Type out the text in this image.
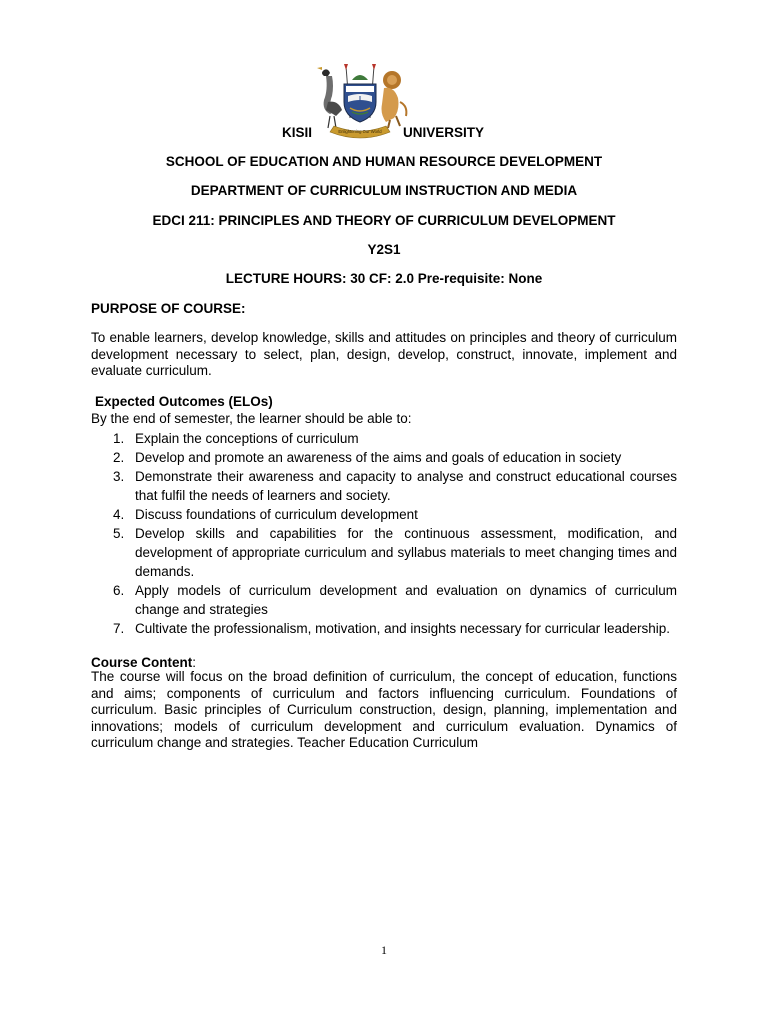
Enlightening Our World
KISII	UNIVERSITY
SCHOOL OF EDUCATION AND HUMAN RESOURCE DEVELOPMENT
DEPARTMENT OF CURRICULUM INSTRUCTION AND MEDIA
EDCI 211: PRINCIPLES AND THEORY OF CURRICULUM DEVELOPMENT
Y2S1
LECTURE HOURS: 30 CF: 2.0 Pre-requisite: None
PURPOSE OF COURSE:
To enable learners, develop knowledge, skills and attitudes on principles and theory of curriculum development necessary to select, plan, design, develop, construct, innovate, implement and evaluate curriculum.
Expected Outcomes (ELOs)
By the end of semester, the learner should be able to:
1. Explain the conceptions of curriculum
2. Develop and promote an awareness of the aims and goals of education in society
3. Demonstrate their awareness and capacity to analyse and construct educational courses that fulfil the needs of learners and society.
4. Discuss foundations of curriculum development
5. Develop skills and capabilities for the continuous assessment, modification, and development of appropriate curriculum and syllabus materials to meet changing times and demands.
6. Apply models of curriculum development and evaluation on dynamics of curriculum change and strategies
7. Cultivate the professionalism, motivation, and insights necessary for curricular leadership.
Course Content:
The course will focus on the broad definition of curriculum, the concept of education, functions and aims; components of curriculum and factors influencing curriculum. Foundations of curriculum. Basic principles of Curriculum construction, design, planning, implementation and innovations; models of curriculum development and curriculum evaluation. Dynamics of curriculum change and strategies. Teacher Education Curriculum
1
